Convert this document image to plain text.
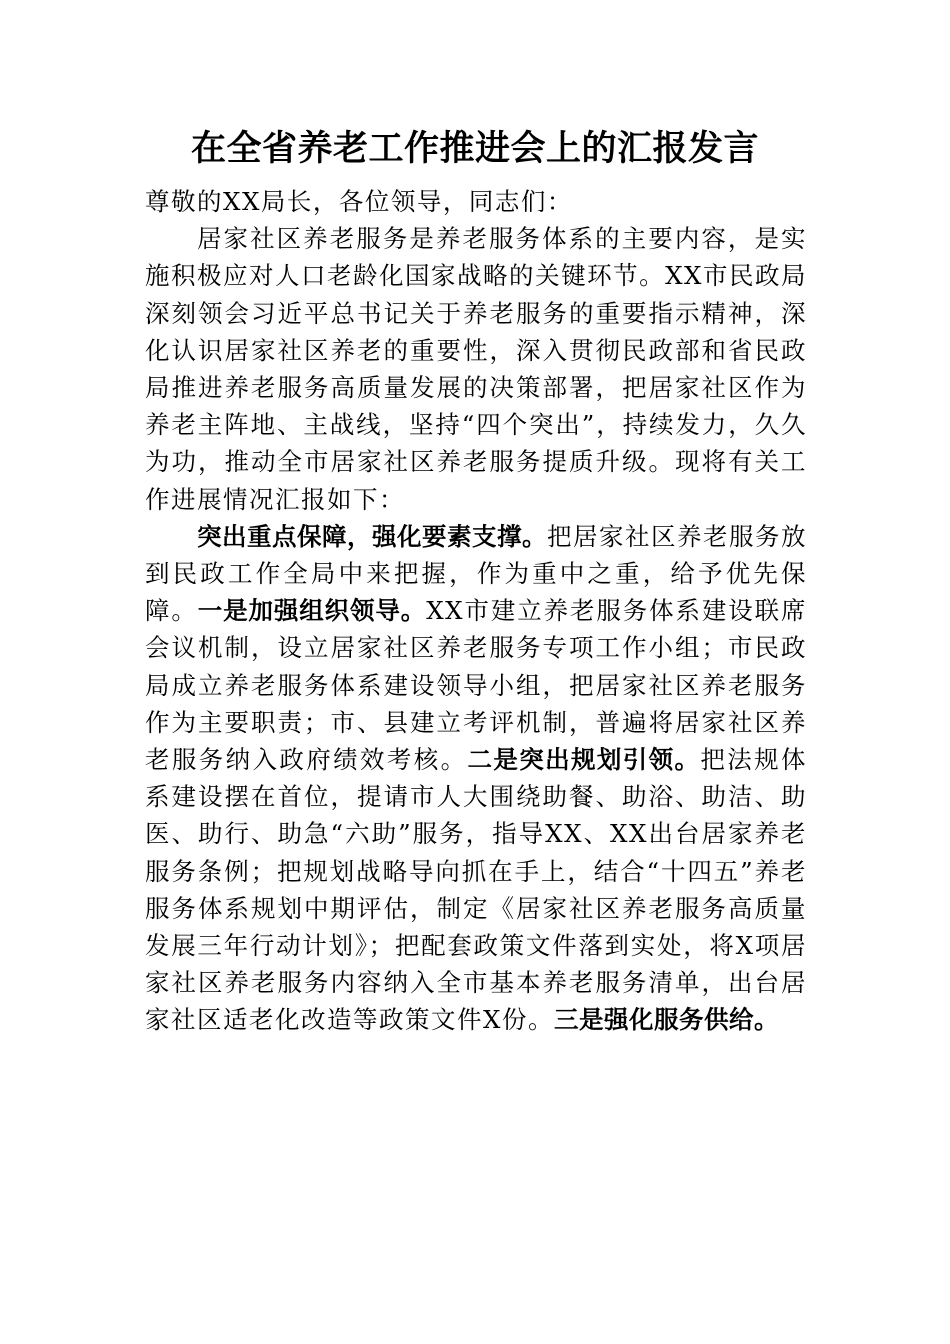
在全省养老工作推进会上的汇报发言

尊敬的XX局长，各位领导，同志们：

居家社区养老服务是养老服务体系的主要内容，是实施积极应对人口老龄化国家战略的关键环节。XX市民政局深刻领会习近平总书记关于养老服务的重要指示精神，深化认识居家社区养老的重要性，深入贯彻民政部和省民政局推进养老服务高质量发展的决策部署，把居家社区作为养老主阵地、主战线，坚持“四个突出”，持续发力，久久为功，推动全市居家社区养老服务提质升级。现将有关工作进展情况汇报如下：

突出重点保障，强化要素支撑。把居家社区养老服务放到民政工作全局中来把握，作为重中之重，给予优先保障。一是加强组织领导。XX市建立养老服务体系建设联席会议机制，设立居家社区养老服务专项工作小组；市民政局成立养老服务体系建设领导小组，把居家社区养老服务作为主要职责；市、县建立考评机制，普遍将居家社区养老服务纳入政府绩效考核。二是突出规划引领。把法规体系建设摆在首位，提请市人大围绕助餐、助浴、助洁、助医、助行、助急“六助”服务，指导XX、XX出台居家养老服务条例；把规划战略导向抓在手上，结合“十四五”养老服务体系规划中期评估，制定《居家社区养老服务高质量发展三年行动计划》；把配套政策文件落到实处，将X项居家社区养老服务内容纳入全市基本养老服务清单，出台居家社区适老化改造等政策文件X份。三是强化服务供给。
